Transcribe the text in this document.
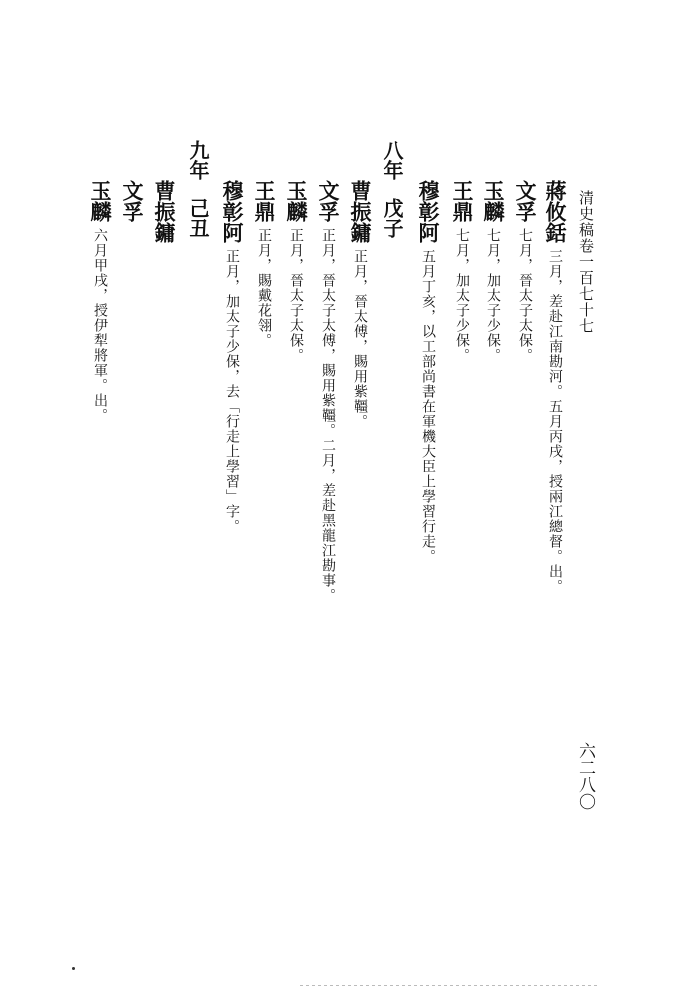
清史稿卷一百七十七
六二八〇
蔣攸銛三月，差赴江南勘河。五月丙戌，授兩江總督。出。
文孚七月，晉太子太保。
玉麟七月，加太子少保。
王鼎七月，加太子少保。
穆彰阿五月丁亥，以工部尚書在軍機大臣上學習行走。
八年戊子
曹振鏞正月，晉太傅，賜用紫韁。
文孚正月，晉太子太傅，賜用紫韁。二月，差赴黑龍江勘事。
玉麟正月，晉太子太保。
王鼎正月，賜戴花翎。
穆彰阿正月，加太子少保，去「行走上學習」字。
九年己丑
曹振鏞
文孚
玉麟六月甲戌，授伊犁將軍。出。
